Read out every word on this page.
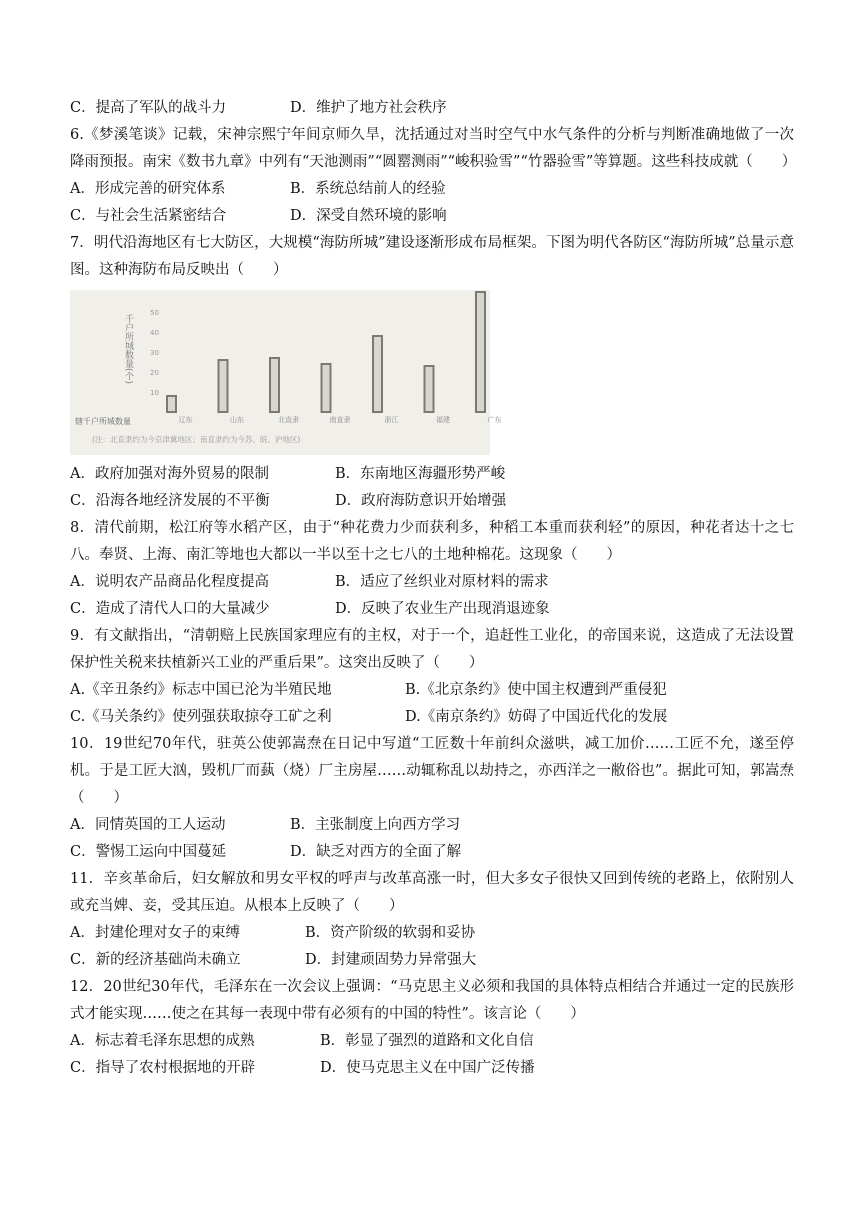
C．提高了军队的战斗力	D．维护了地方社会秩序
6.《梦溪笔谈》记载，宋神宗熙宁年间京师久旱，沈括通过对当时空气中水气条件的分析与判断准确地做了一次降雨预报。南宋《数书九章》中列有“天池测雨”“圆罂测雨”“峻积验雪”“竹器验雪”等算题。这些科技成就（　　）
A．形成完善的研究体系	B．系统总结前人的经验
C．与社会生活紧密结合	D．深受自然环境的影响
7．明代沿海地区有七大防区，大规模“海防所城”建设逐渐形成布局框架。下图为明代各防区“海防所城”总量示意图。这种海防布局反映出（　　）
千户所城数量(个)
10
20
30
40
50
辽东	山东	北直隶	南直隶	浙江	福建	广东
辖千户所城数量
(注：北直隶约为今京津冀地区；南直隶约为今苏、皖、沪地区)
A．政府加强对海外贸易的限制	B．东南地区海疆形势严峻
C．沿海各地经济发展的不平衡	D．政府海防意识开始增强
8．清代前期，松江府等水稻产区，由于“种花费力少而获利多，种稻工本重而获利轻”的原因，种花者达十之七八。奉贤、上海、南汇等地也大都以一半以至十之七八的土地种棉花。这现象（　　）
A．说明农产品商品化程度提高	B．适应了丝织业对原材料的需求
C．造成了清代人口的大量减少	D．反映了农业生产出现消退迹象
9．有文献指出，“清朝赔上民族国家理应有的主权，对于一个，追赶性工业化，的帝国来说，这造成了无法设置保护性关税来扶植新兴工业的严重后果”。这突出反映了（　　）
A.《辛丑条约》标志中国已沦为半殖民地	B.《北京条约》使中国主权遭到严重侵犯
C.《马关条约》使列强获取掠夺工矿之利	D.《南京条约》妨碍了中国近代化的发展
10．19世纪70年代，驻英公使郭嵩焘在日记中写道“工匠数十年前纠众滋哄，减工加价……工匠不允，遂至停机。于是工匠大汹，毁机厂而蓺（烧）厂主房屋……动辄称乱以劫持之，亦西洋之一敝俗也”。据此可知，郭嵩焘（　　）
A．同情英国的工人运动	B．主张制度上向西方学习
C．警惕工运向中国蔓延	D．缺乏对西方的全面了解
11．辛亥革命后，妇女解放和男女平权的呼声与改革高涨一时，但大多女子很快又回到传统的老路上，依附别人或充当婢、妾，受其压迫。从根本上反映了（　　）
A．封建伦理对女子的束缚	B．资产阶级的软弱和妥协
C．新的经济基础尚未确立	D．封建顽固势力异常强大
12．20世纪30年代，毛泽东在一次会议上强调：“马克思主义必须和我国的具体特点相结合并通过一定的民族形式才能实现……使之在其每一表现中带有必须有的中国的特性”。该言论（　　）
A．标志着毛泽东思想的成熟	B．彰显了强烈的道路和文化自信
C．指导了农村根据地的开辟	D．使马克思主义在中国广泛传播
